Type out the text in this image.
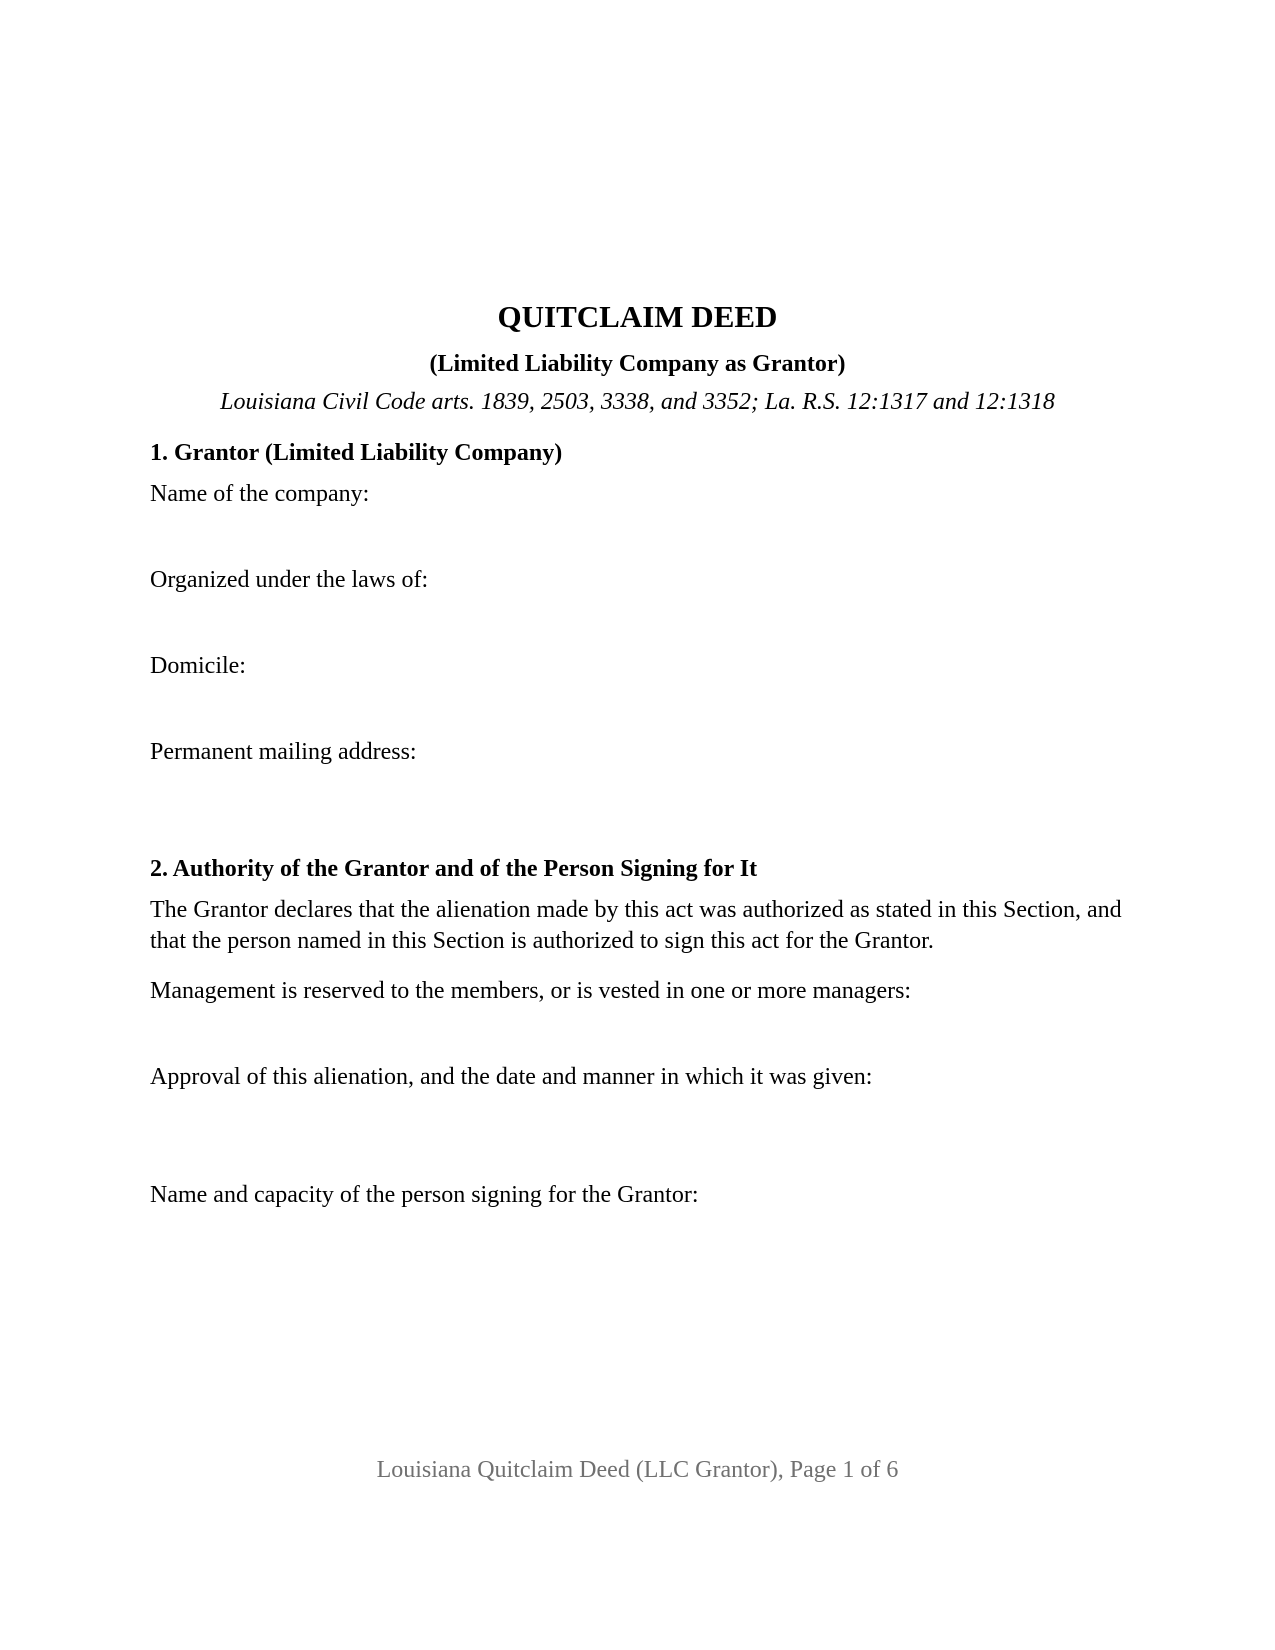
QUITCLAIM DEED
(Limited Liability Company as Grantor)
Louisiana Civil Code arts. 1839, 2503, 3338, and 3352; La. R.S. 12:1317 and 12:1318
1. Grantor (Limited Liability Company)
Name of the company:
Organized under the laws of:
Domicile:
Permanent mailing address:
2. Authority of the Grantor and of the Person Signing for It

The Grantor declares that the alienation made by this act was authorized as stated in this Section, and that the person named in this Section is authorized to sign this act for the Grantor.

Management is reserved to the members, or is vested in one or more managers:
Approval of this alienation, and the date and manner in which it was given:
Name and capacity of the person signing for the Grantor:
Louisiana Quitclaim Deed (LLC Grantor), Page 1 of 6
